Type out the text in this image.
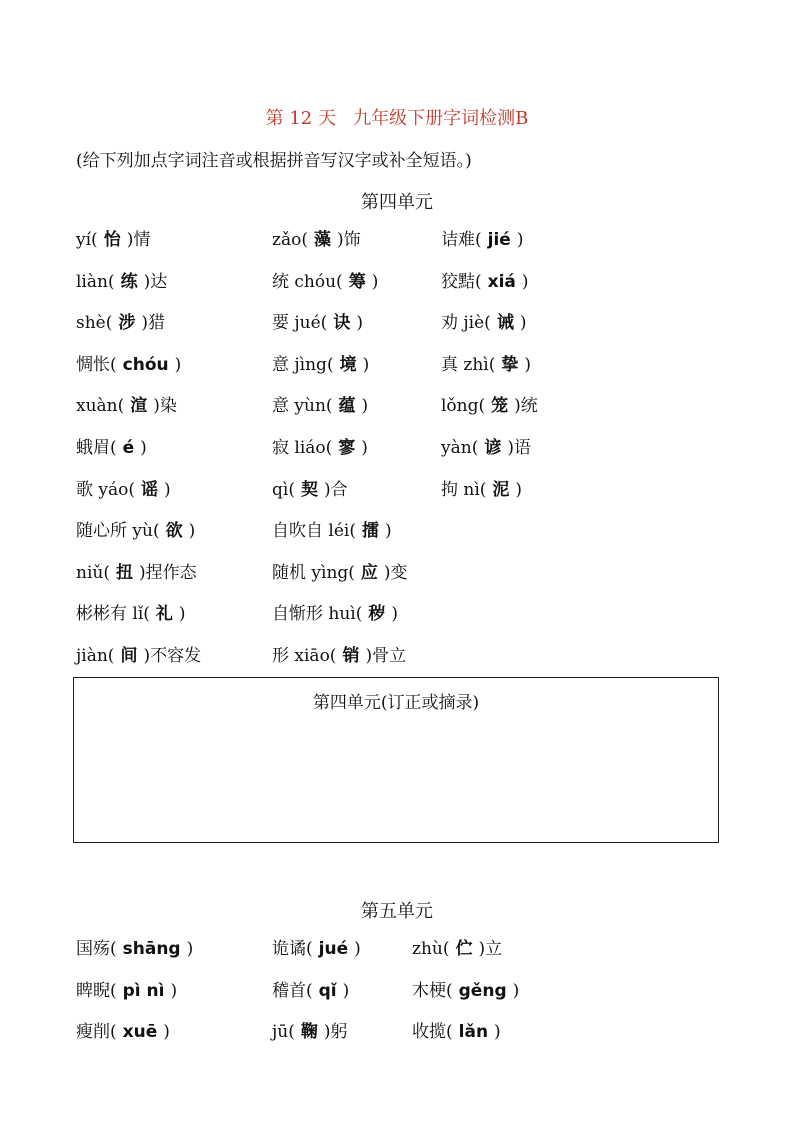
第 12 天   九年级下册字词检测B
(给下列加点字词注音或根据拼音写汉字或补全短语。)
第四单元
yí( 怡 )情	zǎo( 藻 )饰	诘难( jié )
liàn( 练 )达	统 chóu( 筹 )	狡黠( xiá )
shè( 涉 )猎	要 jué( 诀 )	劝 jiè( 诫 )
惆怅( chóu )	意 jìng( 境 )	真 zhì( 挚 )
xuàn( 渲 )染	意 yùn( 蕴 )	lǒng( 笼 )统
蛾眉( é )	寂 liáo( 寥 )	yàn( 谚 )语
歌 yáo( 谣 )	qì( 契 )合	拘 nì( 泥 )
随心所 yù( 欲 )	自吹自 léi( 擂 )
niǔ( 扭 )捏作态	随机 yìng( 应 )变
彬彬有 lǐ( 礼 )	自惭形 huì( 秽 )
jiàn( 间 )不容发	形 xiāo( 销 )骨立
第四单元(订正或摘录)
第五单元
国殇( shāng )	诡谲( jué )	zhù( 伫 )立
睥睨( pì nì )	稽首( qǐ )	木梗( gěng )
瘦削( xuē )	jū( 鞠 )躬	收揽( lǎn )
